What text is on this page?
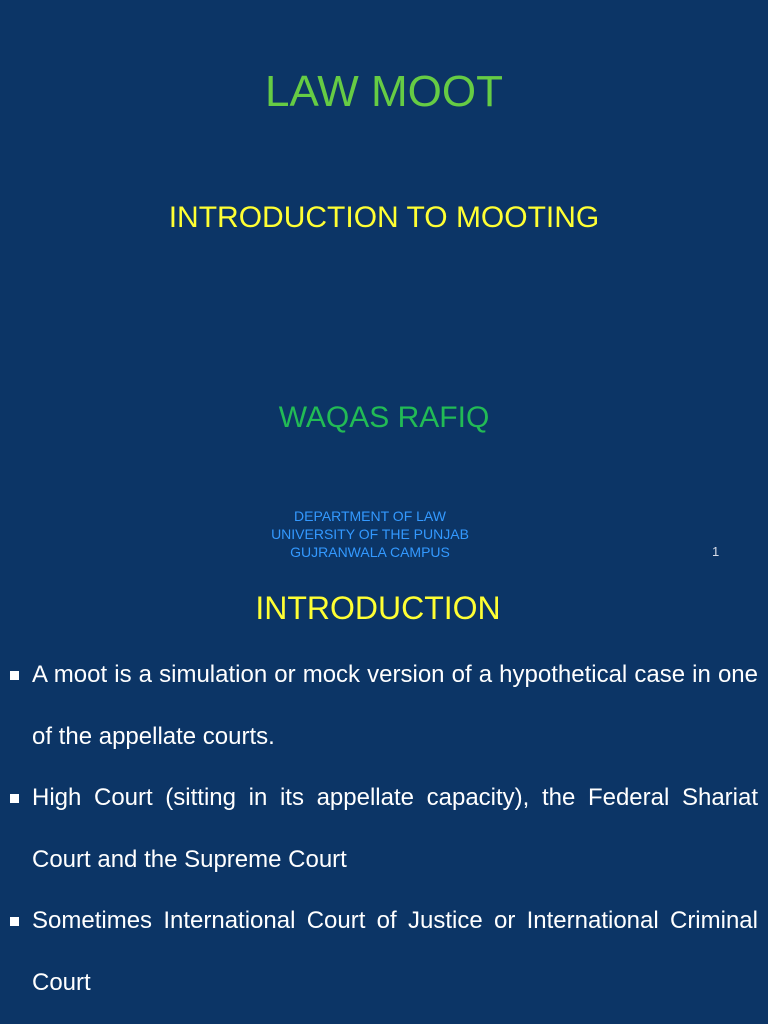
LAW MOOT
INTRODUCTION TO MOOTING
WAQAS RAFIQ
DEPARTMENT OF LAW
UNIVERSITY OF THE PUNJAB
GUJRANWALA CAMPUS	1
INTRODUCTION
A moot is a simulation or mock version of a hypothetical case in one of the appellate courts.
High Court (sitting in its appellate capacity), the Federal Shariat Court and the Supreme Court
Sometimes International Court of Justice or International Criminal Court
